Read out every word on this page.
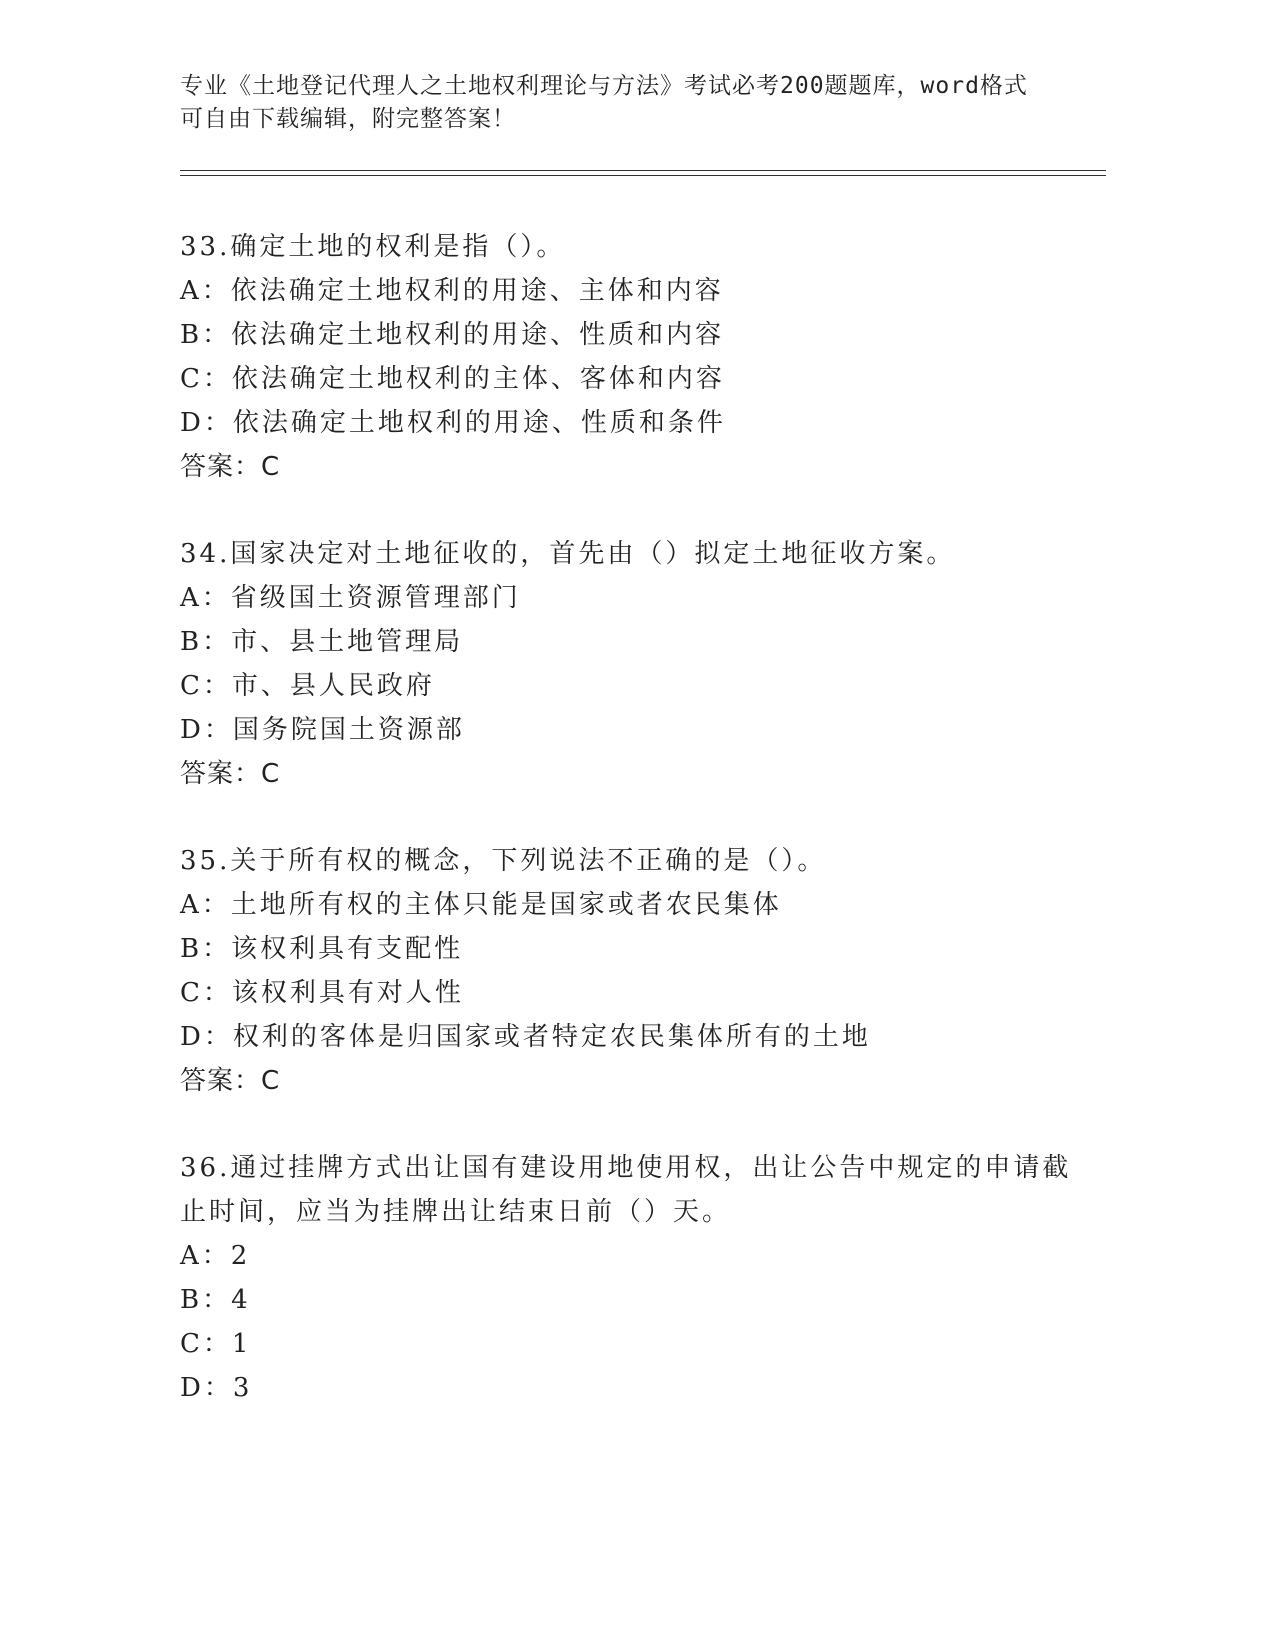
专业《土地登记代理人之土地权利理论与方法》考试必考200题题库，word格式
可自由下载编辑，附完整答案！

33.确定土地的权利是指（）。

A：依法确定土地权利的用途、主体和内容
B：依法确定土地权利的用途、性质和内容
C：依法确定土地权利的主体、客体和内容
D：依法确定土地权利的用途、性质和条件
答案：C

34.国家决定对土地征收的，首先由（）拟定土地征收方案。

A：省级国土资源管理部门
B：市、县土地管理局
C：市、县人民政府
D：国务院国土资源部
答案：C

35.关于所有权的概念，下列说法不正确的是（）。

A：土地所有权的主体只能是国家或者农民集体
B：该权利具有支配性
C：该权利具有对人性
D：权利的客体是归国家或者特定农民集体所有的土地
答案：C

36.通过挂牌方式出让国有建设用地使用权，出让公告中规定的申请截
止时间，应当为挂牌出让结束日前（）天。

A：2
B：4
C：1
D：3
